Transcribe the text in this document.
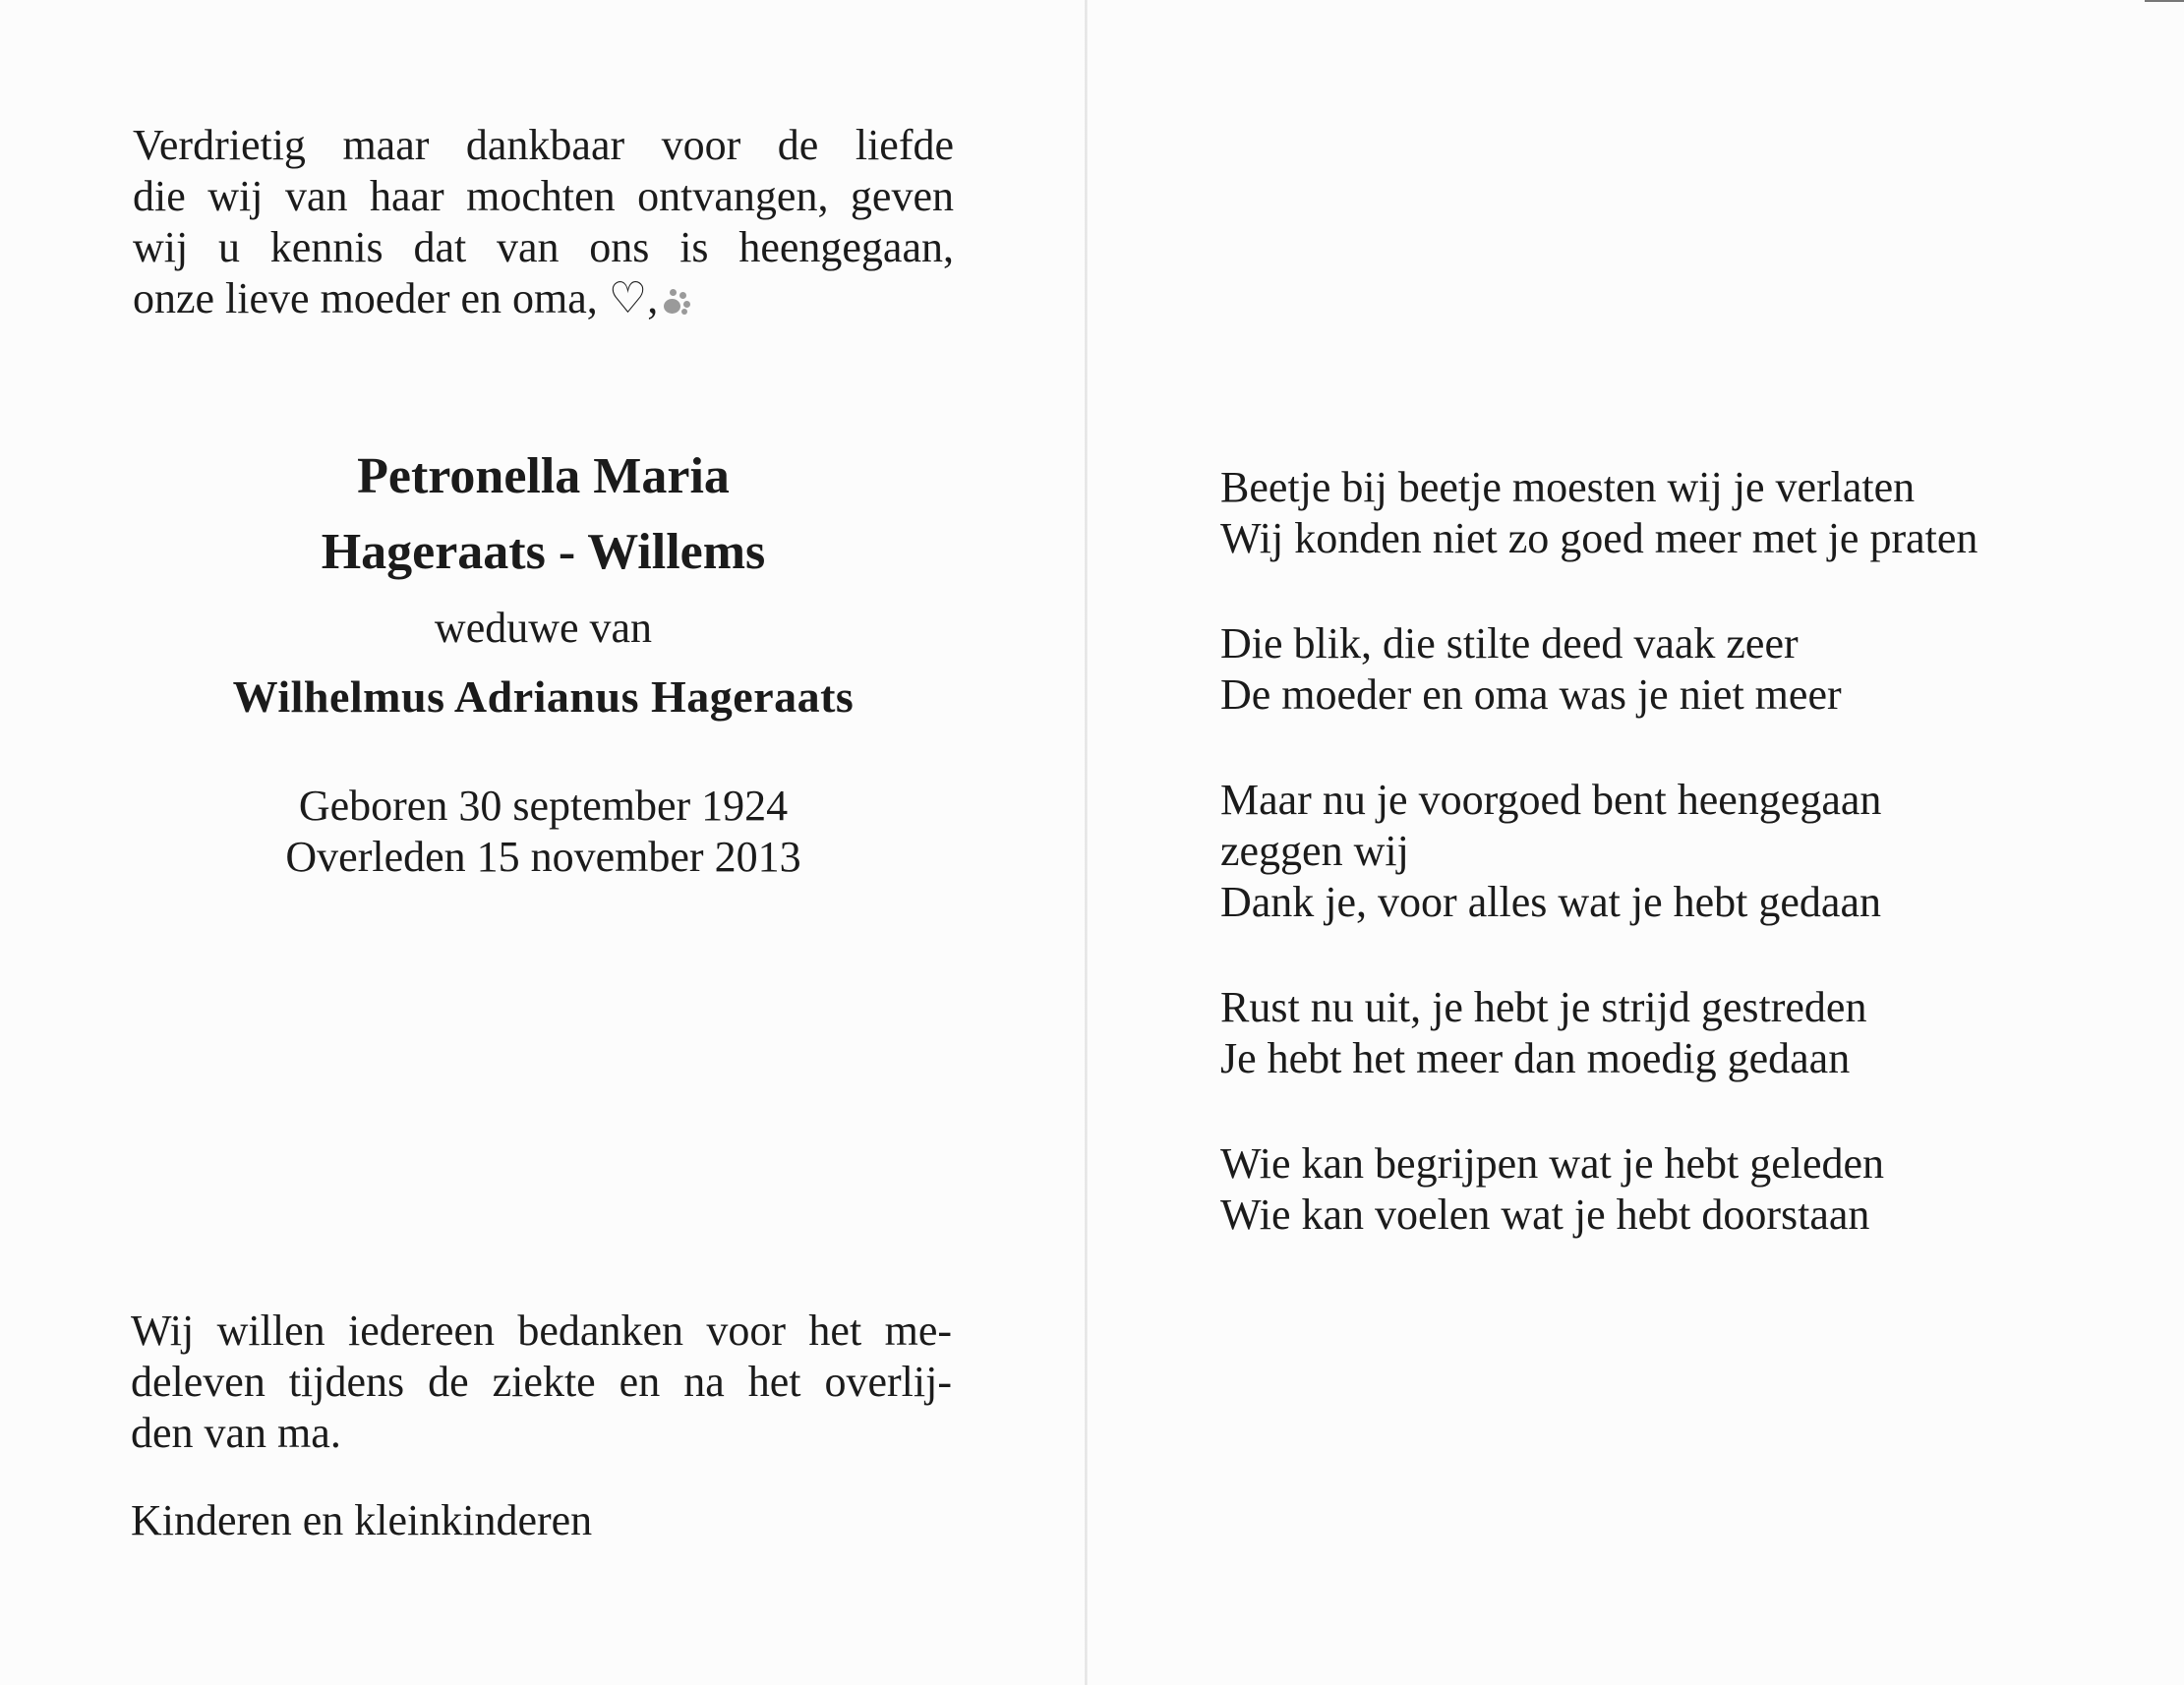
Verdrietig maar dankbaar voor de liefde
die wij van haar mochten ontvangen, geven
wij u kennis dat van ons is heengegaan,
onze lieve moeder en oma, ♡,
Petronella Maria
Hageraats - Willems
weduwe van
Wilhelmus Adrianus Hageraats
Geboren 30 september 1924
Overleden 15 november 2013
Wij willen iedereen bedanken voor het me-
deleven tijdens de ziekte en na het overlij-
den van ma.
Kinderen en kleinkinderen
Beetje bij beetje moesten wij je verlaten
Wij konden niet zo goed meer met je praten
Die blik, die stilte deed vaak zeer
De moeder en oma was je niet meer
Maar nu je voorgoed bent heengegaan
zeggen wij
Dank je, voor alles wat je hebt gedaan
Rust nu uit, je hebt je strijd gestreden
Je hebt het meer dan moedig gedaan
Wie kan begrijpen wat je hebt geleden
Wie kan voelen wat je hebt doorstaan
